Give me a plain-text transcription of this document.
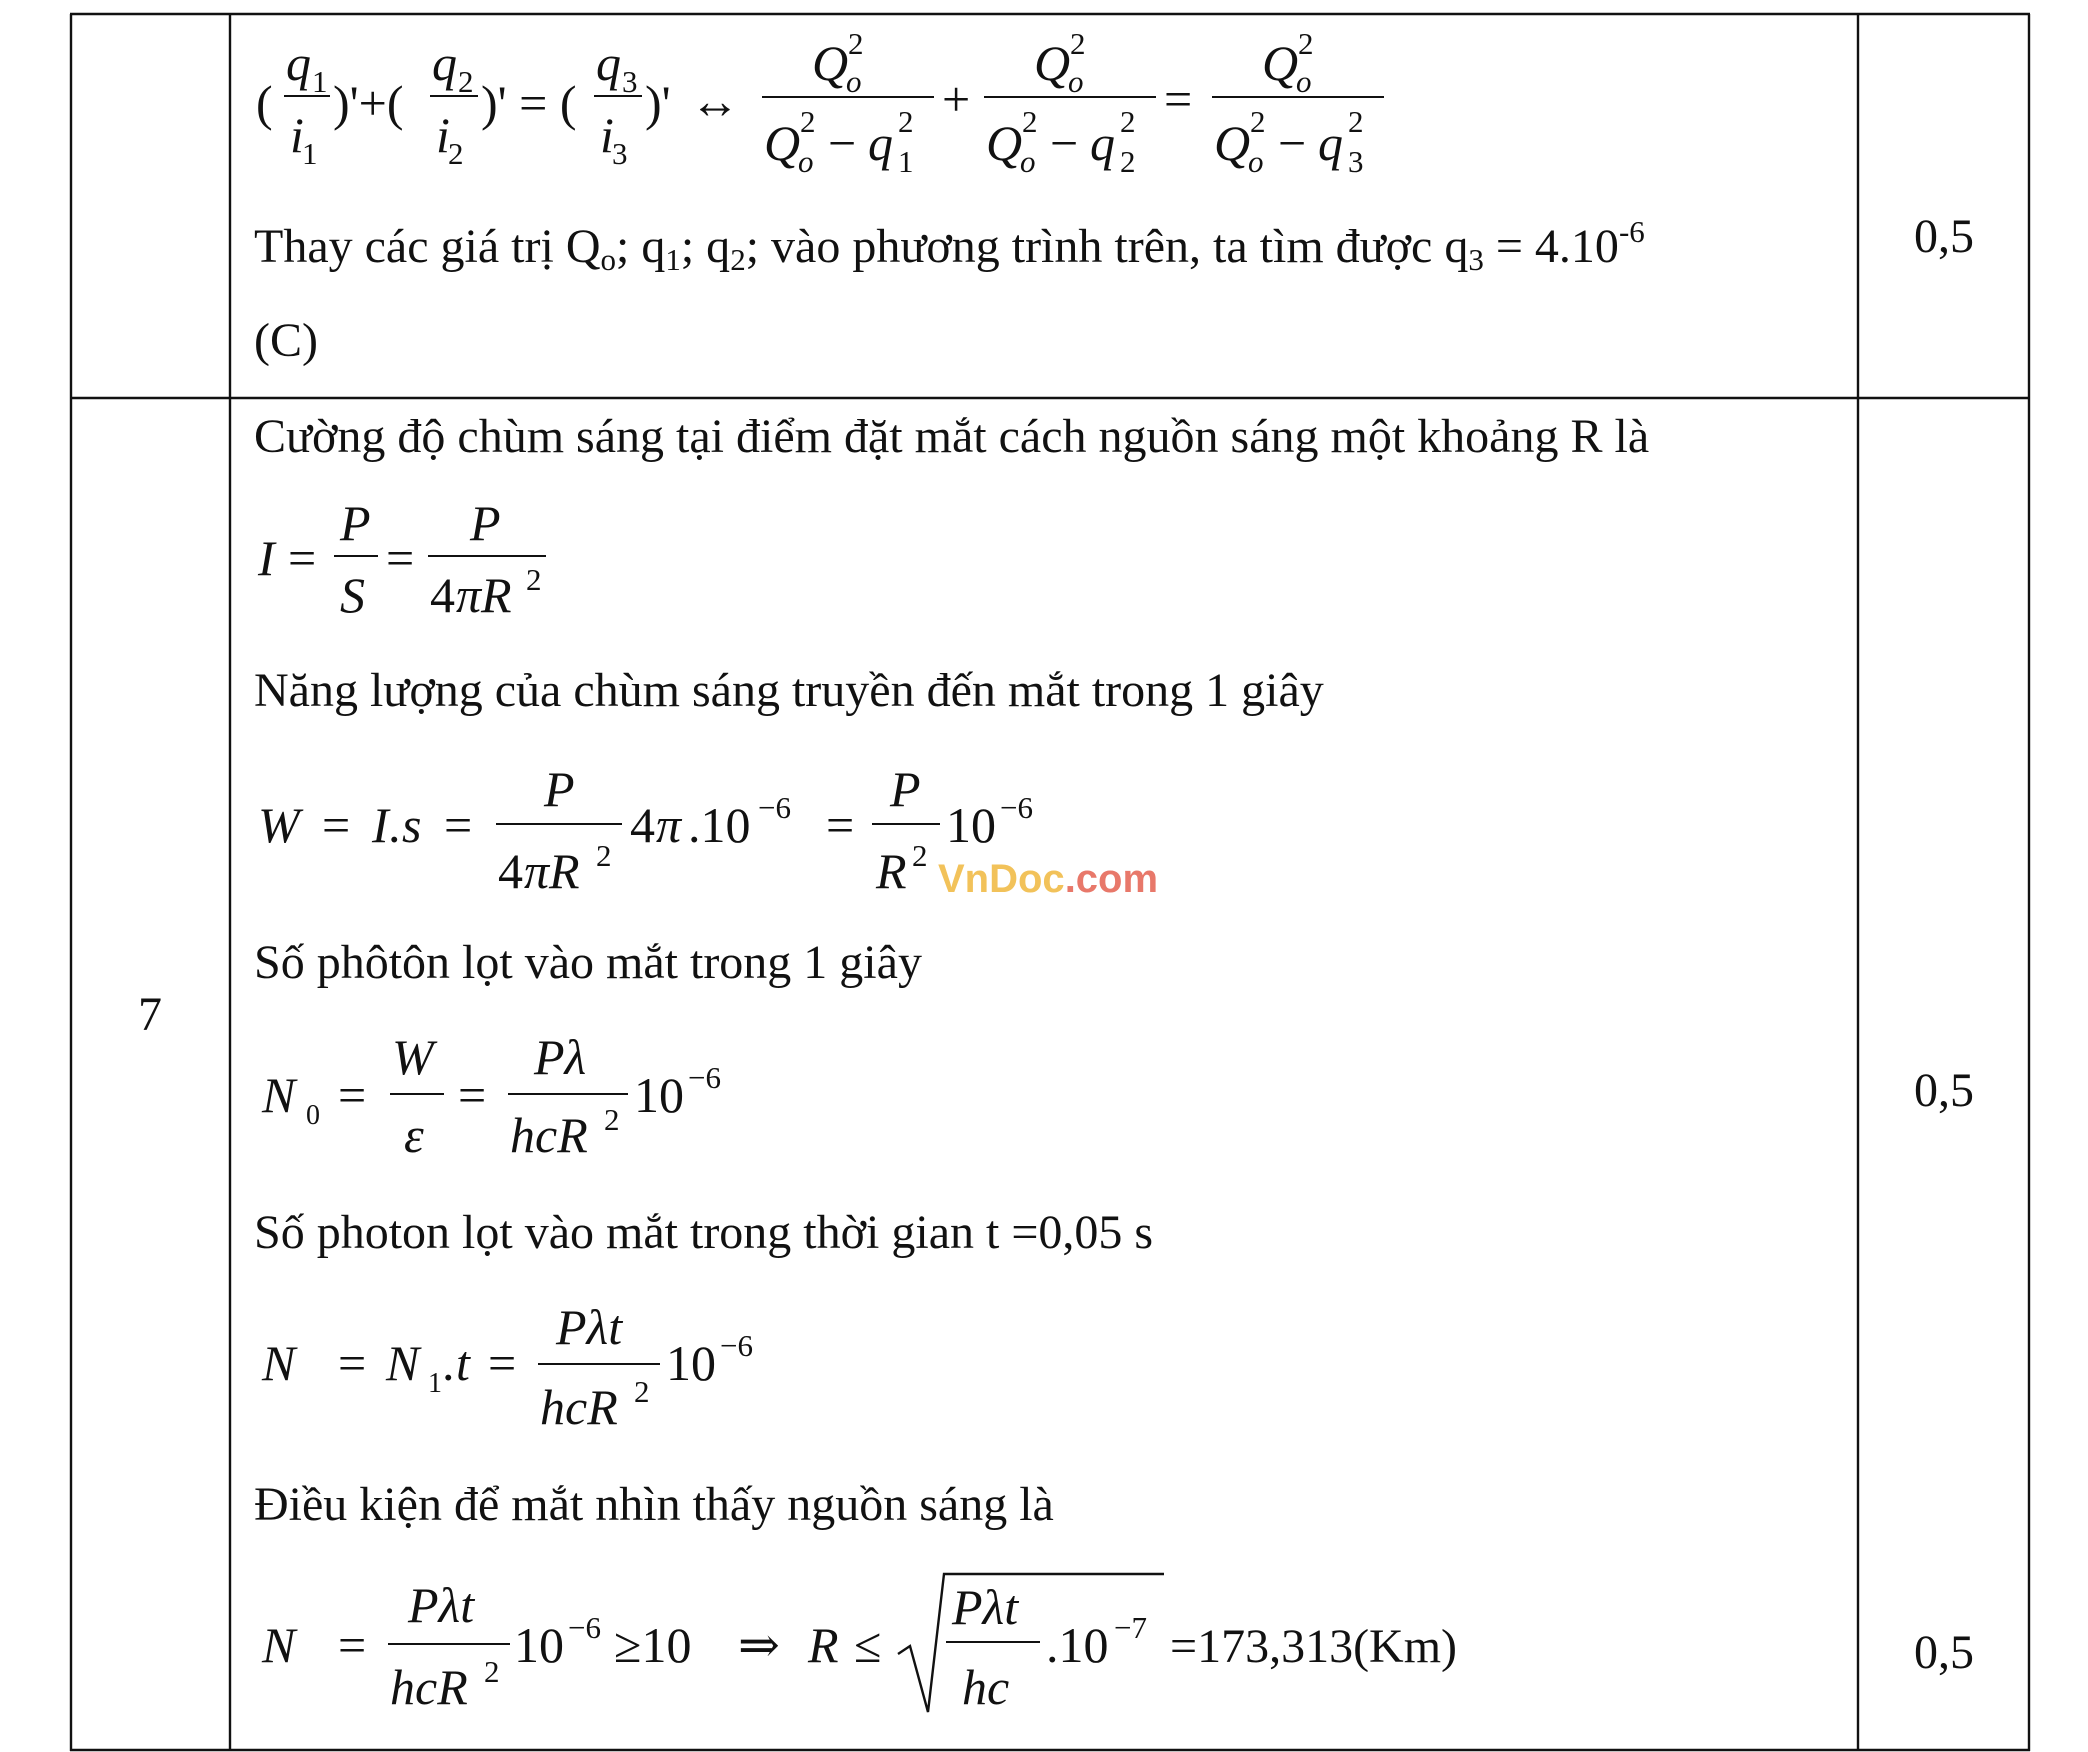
(
q 1
i
1
)'+(
q 2
i
2
)' = (
q 3
i
3
)' ↔
Q
o
2
Q
o
2 − q 1
2 +
Q
o
2
Q
o
2 − q 2
2 =
Q
o
2
Q
o
2 − q 3
2
Thay các giá trị Qo; q1; q2; vào phương trình trên, ta tìm được $q3 = 4.10^{-6}$
(C)
0,5
7
Cường độ chùm sáng tại điểm đặt mắt cách nguồn sáng một khoảng R là
I =
P
S
=
P
4 πR 2
Năng lượng của chùm sáng truyền đến mắt trong 1 giây
W = I . s =
P
4 πR 2
4 π .10 −6 =
P
R 2
10 −6
VnDoc.com
Số phôtôn lọt vào mắt trong 1 giây
N 0 =
W
ε
=
Pλ
hcR 2 10 −6
Số photon lọt vào mắt trong thời gian t =0,05 s
N = N 1 . t =
Pλt
hcR 2
10 −6
Điều kiện để mắt nhìn thấy nguồn sáng là
N =
Pλt
hcR 2 10 −6 ≥10 ⇒ R ≤
Pλt
hc
.10 −7 =173,313(Km)
0,5
0,5
